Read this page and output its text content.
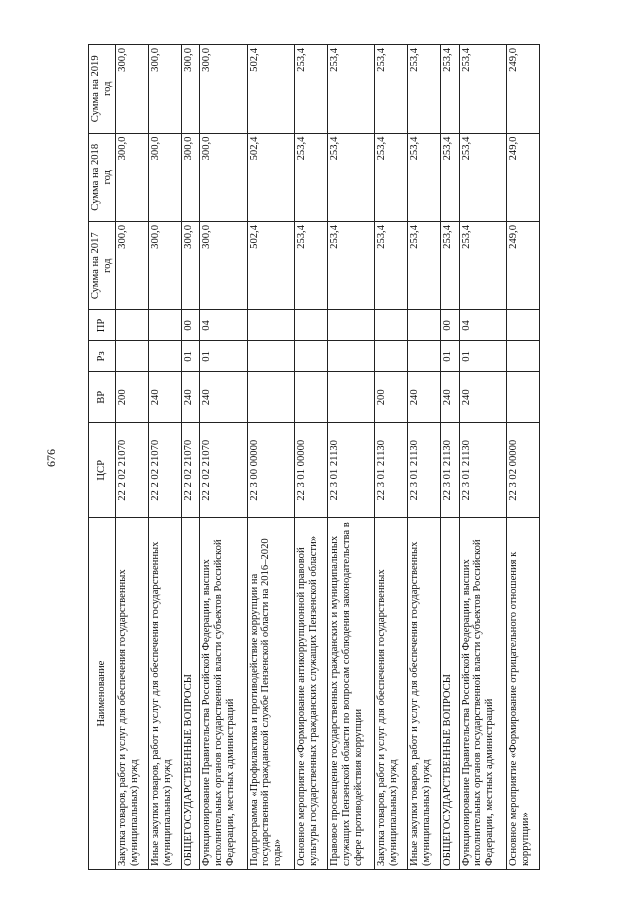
676
Наименование	ЦСР	ВР	Рз	ПР	Сумма на 2017 год	Сумма на 2018 год	Сумма на 2019 год
Закупка товаров, работ и услуг для обеспечения государственных (муниципальных) нужд	22 2 02 21070	200			300,0	300,0	300,0
Иные закупки товаров, работ и услуг для обеспечения государственных (муниципальных) нужд	22 2 02 21070	240			300,0	300,0	300,0
ОБЩЕГОСУДАРСТВЕННЫЕ ВОПРОСЫ	22 2 02 21070	240	01	00	300,0	300,0	300,0
Функционирование Правительства Российской Федерации, высших исполнительных органов государственной власти субъектов Российской Федерации, местных администраций	22 2 02 21070	240	01	04	300,0	300,0	300,0
Подпрограмма «Профилактика и противодействие коррупции на государственной гражданской службе Пензенской области на 2016–2020 годы»	22 3 00 00000				502,4	502,4	502,4
Основное мероприятие «Формирование антикоррупционной правовой культуры государственных гражданских служащих Пензенской области»	22 3 01 00000				253,4	253,4	253,4
Правовое просвещение государственных гражданских и муниципальных служащих Пензенской области по вопросам соблюдения законодательства в сфере противодействия коррупции	22 3 01 21130				253,4	253,4	253,4
Закупка товаров, работ и услуг для обеспечения государственных (муниципальных) нужд	22 3 01 21130	200			253,4	253,4	253,4
Иные закупки товаров, работ и услуг для обеспечения государственных (муниципальных) нужд	22 3 01 21130	240			253,4	253,4	253,4
ОБЩЕГОСУДАРСТВЕННЫЕ ВОПРОСЫ	22 3 01 21130	240	01	00	253,4	253,4	253,4
Функционирование Правительства Российской Федерации, высших исполнительных органов государственной власти субъектов Российской Федерации, местных администраций	22 3 01 21130	240	01	04	253,4	253,4	253,4
Основное мероприятие «Формирование отрицательного отношения к коррупции»	22 3 02 00000				249,0	249,0	249,0
